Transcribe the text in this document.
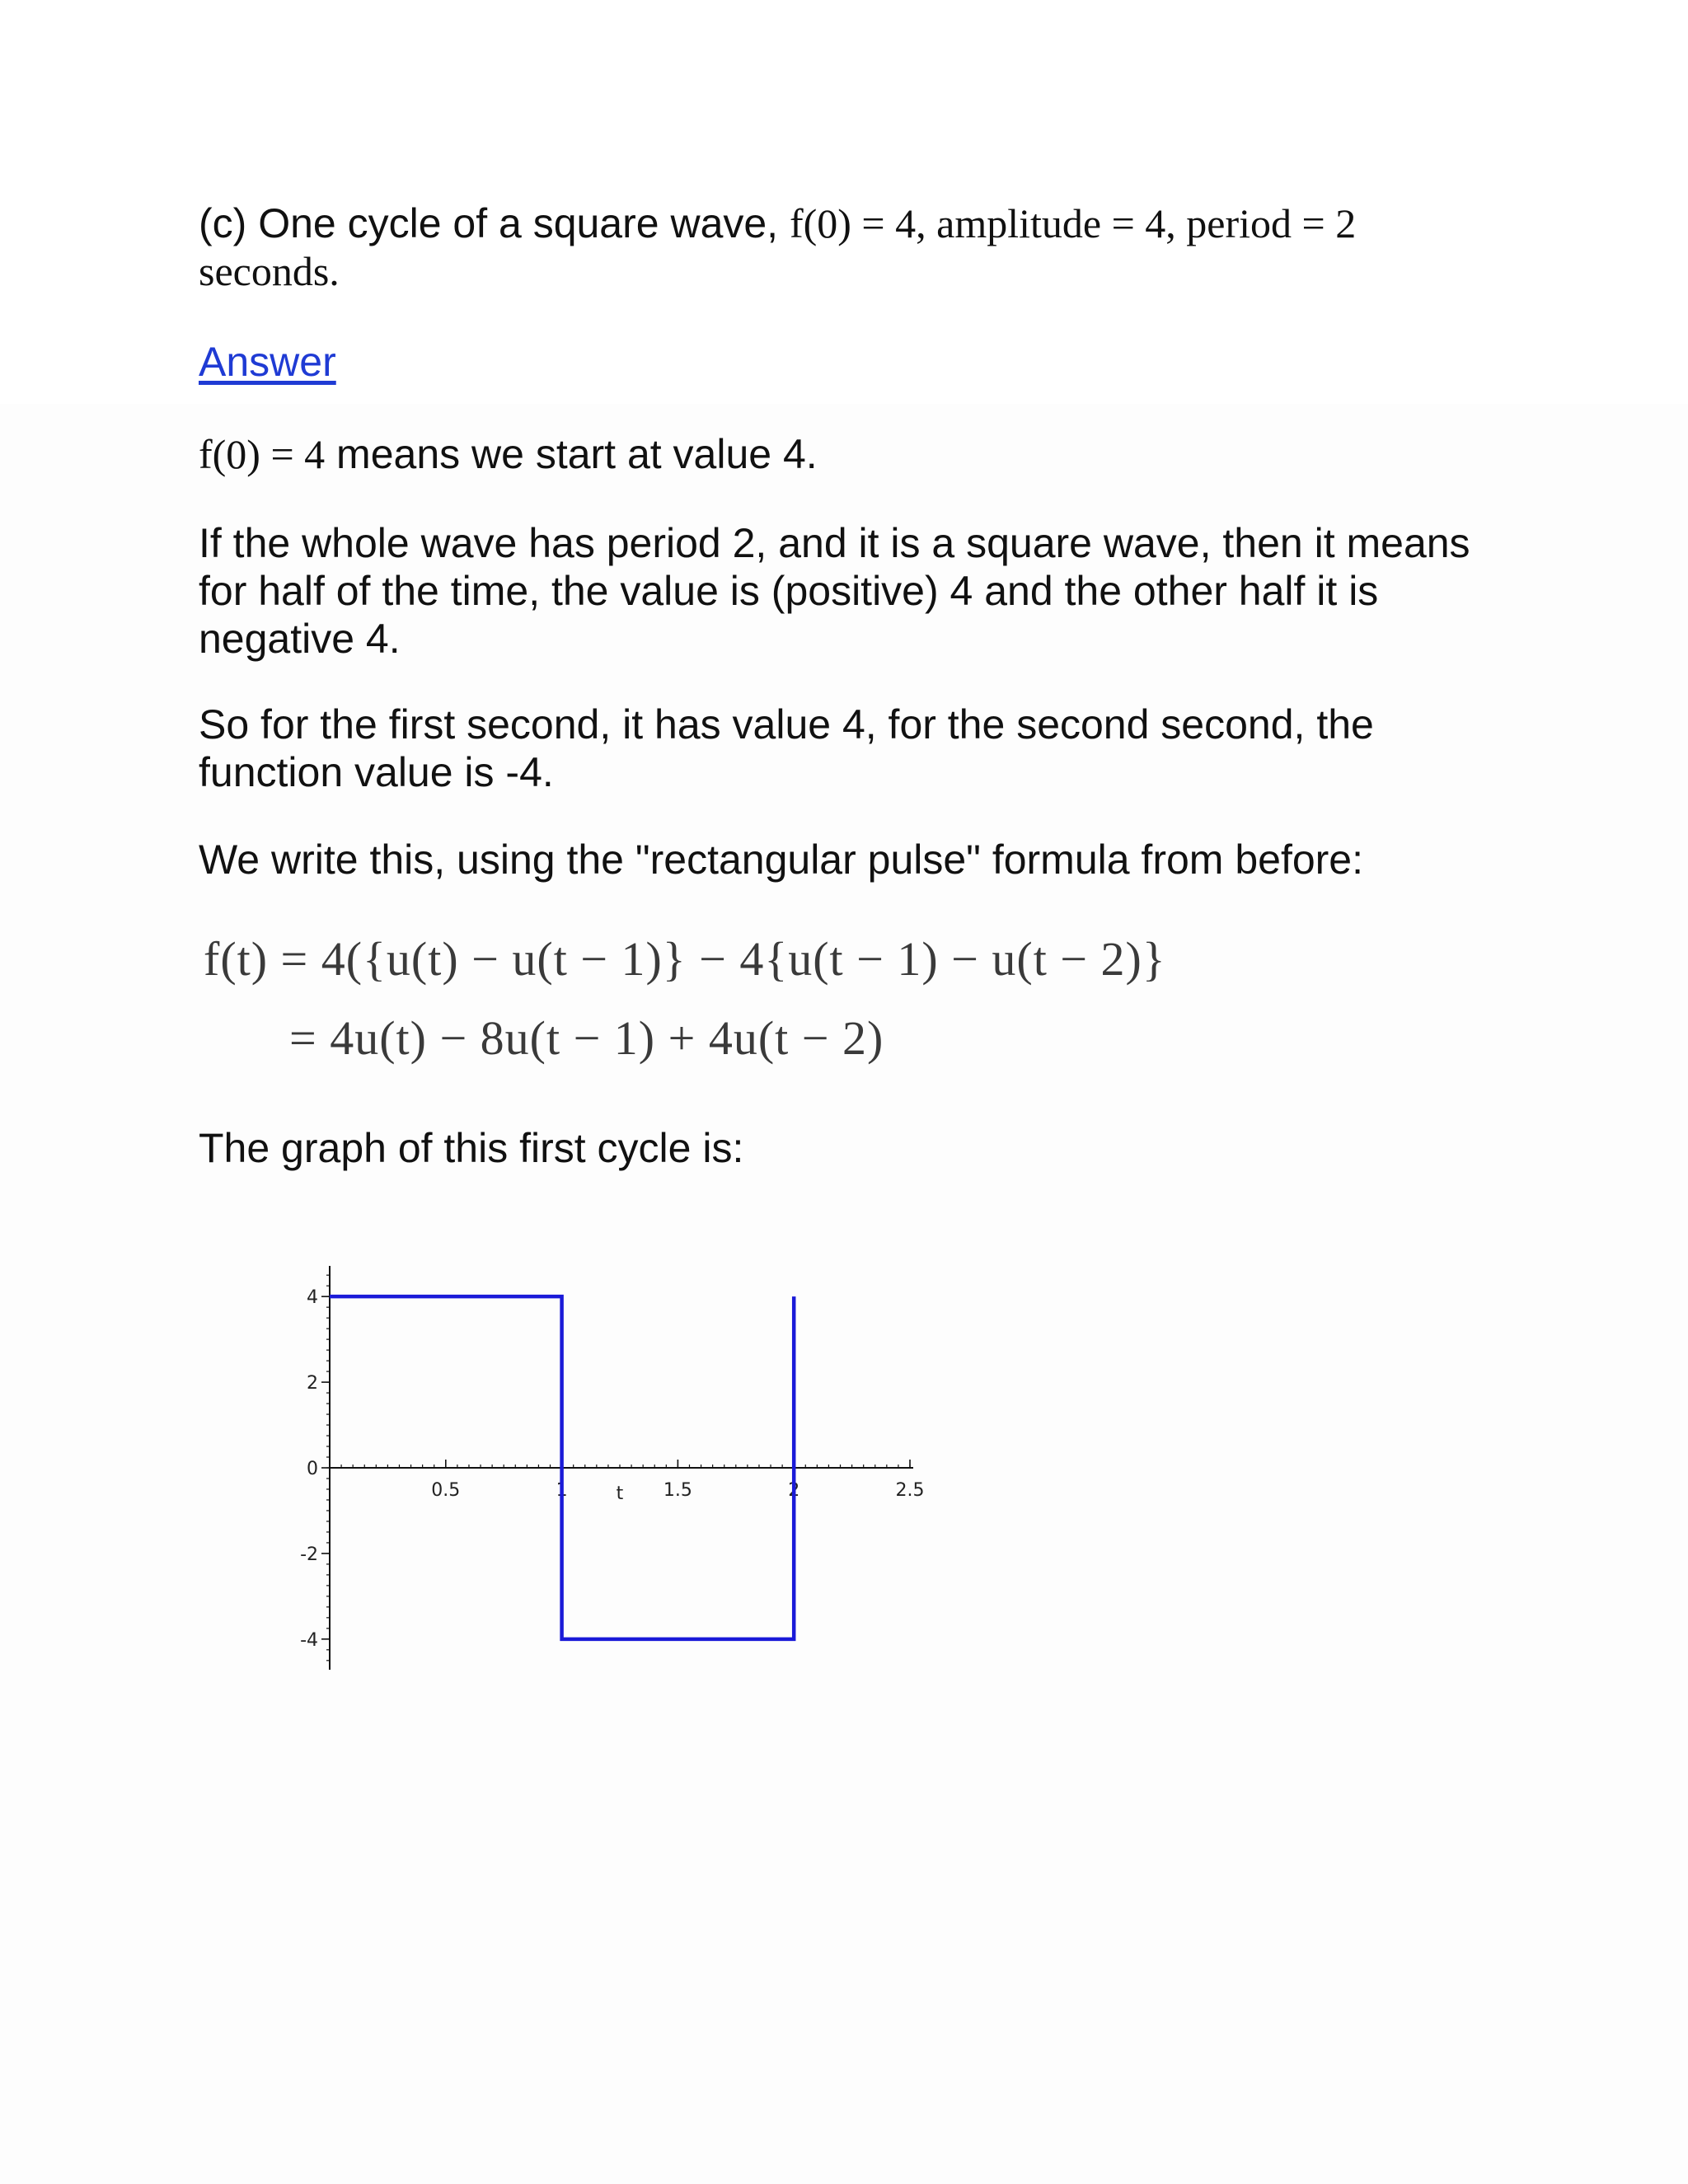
(c) One cycle of a square wave, f(0) = 4, amplitude = 4, period = 2
seconds.

Answer

f(0) = 4 means we start at value 4.

If the whole wave has period 2, and it is a square wave, then it means for half of the time, the value is (positive) 4 and the other half it is negative 4.

So for the first second, it has value 4, for the second second, the function value is -4.

We write this, using the "rectangular pulse" formula from before:

f(t) = 4({u(t) − u(t − 1)} − 4{u(t − 1) − u(t − 2)}
= 4u(t) − 8u(t − 1) + 4u(t − 2)

The graph of this first cycle is:

4
2
0
-2
-4
0.5	1	1.5	2	2.5
t
